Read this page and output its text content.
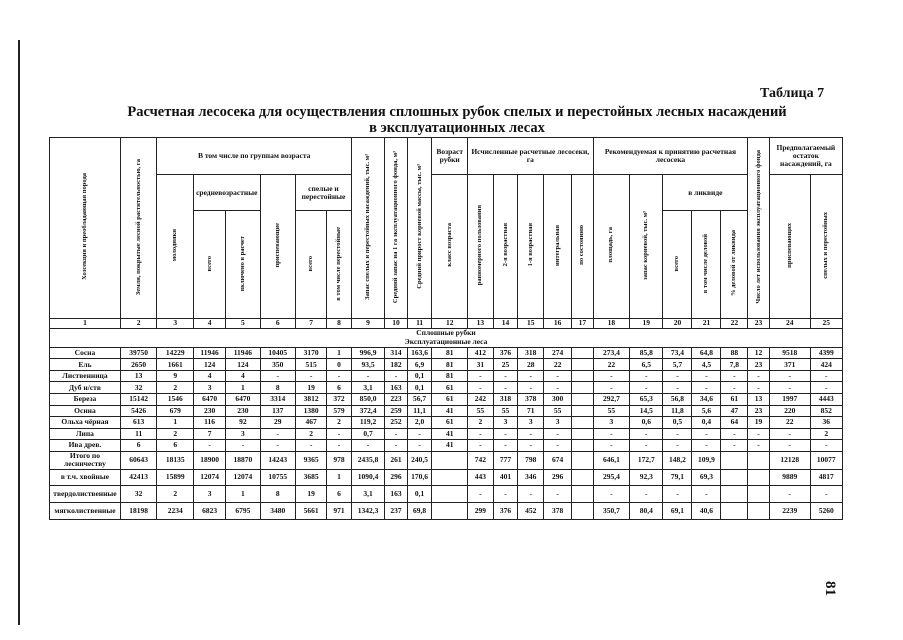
Таблица 7
Расчетная лесосека для осуществления сплошных рубок спелых и перестойных лесных насаждений
в эксплуатационных лесах
Хозсекция и преобладающая порода	Земли, покрытые лесной растительностью, га	В том числе по группам возраста						Запас спелых и перестойных насаждений, тыс. м³	Средний запас на 1 га эксплуатационного фонда, м³	Средний прирост корневой массы, тыс. м³	Возраст рубки	Исчисленные расчетные лесосеки, га					Рекомендуемая к принятию расчетная лесосека					Число лет использования эксплуатационного фонда	Предполагаемый остаток насаждений, га	
		молодняки	средневозрастные		приспевающие	спелые и перестойные					класс возраста	равномерного пользования	2-я возрастная	1-я возрастная	интегральная	по состоянию	площадь, га	запас корневой, тыс. м³	в ликвиде				приспевающих	спелых и перестойных
			всего	включено в расчет		всего	в том числе перестойные												всего	в том числе деловой	% деловой от ликвида			
1	2	3	4	5	6	7	8	9	10	11	12	13	14	15	16	17	18	19	20	21	22	23	24	25
Сплошные рубки																								
Эксплуатационные леса																								
Сосна	39750	14229	11946	11946	10405	3170	1	996,9	314	163,6	81	412	376	318	274		273,4	85,8	73,4	64,8	88	12	9518	4399
Ель	2650	1661	124	124	350	515	0	93,5	182	6,9	81	31	25	28	22		22	6,5	5,7	4,5	7,8	23	371	424
Лиственница	13	9	4	4	-	-	-	-	-	0,1	81	-	-	-	-		-	-	-	-	-	-	-	-
Дуб н/ств	32	2	3	1	8	19	6	3,1	163	0,1	61	-	-	-	-		-	-	-	-	-	-	-	-
Береза	15142	1546	6470	6470	3314	3812	372	850,0	223	56,7	61	242	318	378	300		292,7	65,3	56,8	34,6	61	13	1997	4443
Осина	5426	679	230	230	137	1380	579	372,4	259	11,1	41	55	55	71	55		55	14,5	11,8	5,6	47	23	220	852
Ольха чёрная	613	1	116	92	29	467	2	119,2	252	2,0	61	2	3	3	3		3	0,6	0,5	0,4	64	19	22	36
Липа	11	2	7	3	-	2	-	0,7	-	-	41	-	-	-	-		-	-	-	-	-	-	-	2
Ива древ.	6	6	-	-	-	-	-	-	-	-	41	-	-	-	-		-	-	-	-	-	-	-	-
Итого по лесничеству	60643	18135	18900	18870	14243	9365	978	2435,8	261	240,5		742	777	798	674		646,1	172,7	148,2	109,9			12128	10077
в т.ч. хвойные	42413	15899	12074	12074	10755	3685	1	1090,4	296	170,6		443	401	346	296		295,4	92,3	79,1	69,3			9889	4817
твердолиственные	32	2	3	1	8	19	6	3,1	163	0,1		-	-	-	-		-	-	-	-			-	-
мягколиственные	18198	2234	6823	6795	3480	5661	971	1342,3	237	69,8		299	376	452	378		350,7	80,4	69,1	40,6			2239	5260
81
